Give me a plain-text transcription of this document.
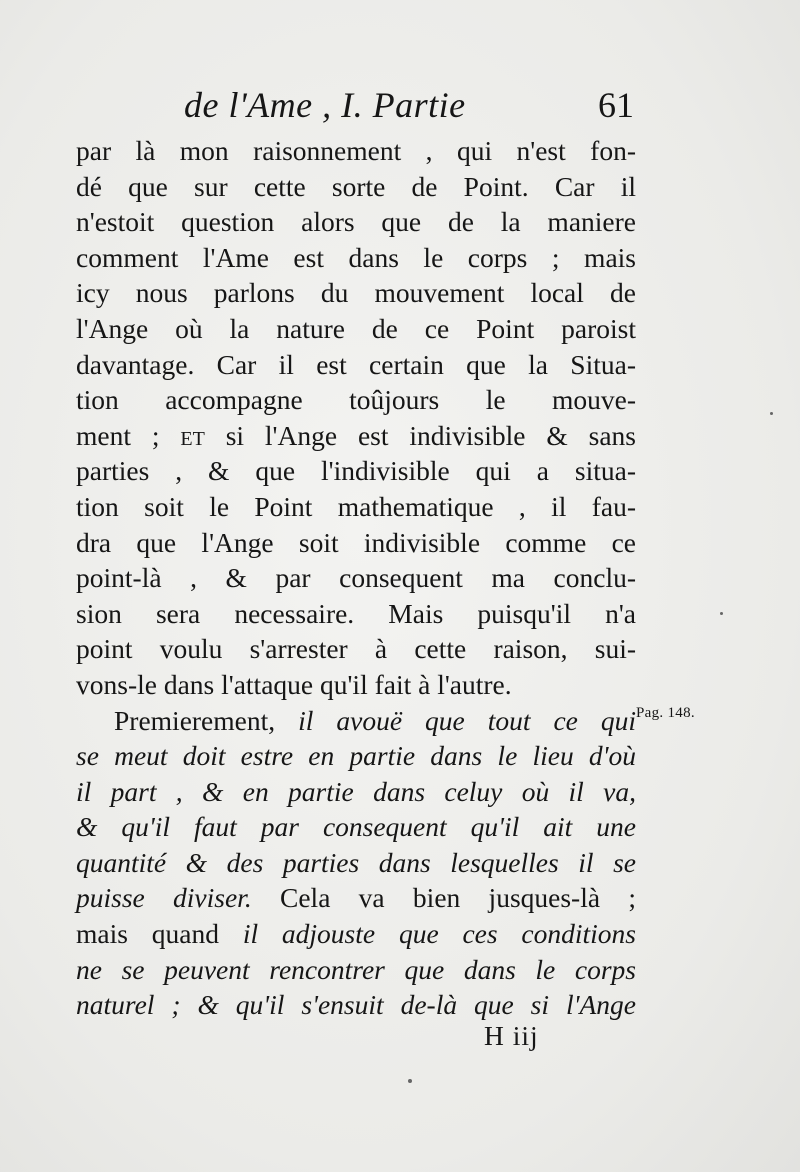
de l'Ame , I. Partie	61
par là mon raisonnement , qui n'est fon-
dé que sur cette sorte de Point. Car il
n'estoit question alors que de la maniere
comment l'Ame est dans le corps ; mais
icy nous parlons du mouvement local de
l'Ange où la nature de ce Point paroist
davantage. Car il est certain que la Situa-
tion accompagne toûjours le mouve-
ment ; ET si l'Ange est indivisible & sans
parties , & que l'indivisible qui a situa-
tion soit le Point mathematique , il fau-
dra que l'Ange soit indivisible comme ce
point-là , & par consequent ma conclu-
sion sera necessaire. Mais puisqu'il n'a
point voulu s'arrester à cette raison, sui-
vons-le dans l'attaque qu'il fait à l'autre.
Premierement, il avouë que tout ce qui
se meut doit estre en partie dans le lieu d'où
il part , & en partie dans celuy où il va,
& qu'il faut par consequent qu'il ait une
quantité & des parties dans lesquelles il se
puisse diviser. Cela va bien jusques-là ;
mais quand il adjouste que ces conditions
ne se peuvent rencontrer que dans le corps
naturel ; & qu'il s'ensuit de-là que si l'Ange
Pag. 148.
H iij
